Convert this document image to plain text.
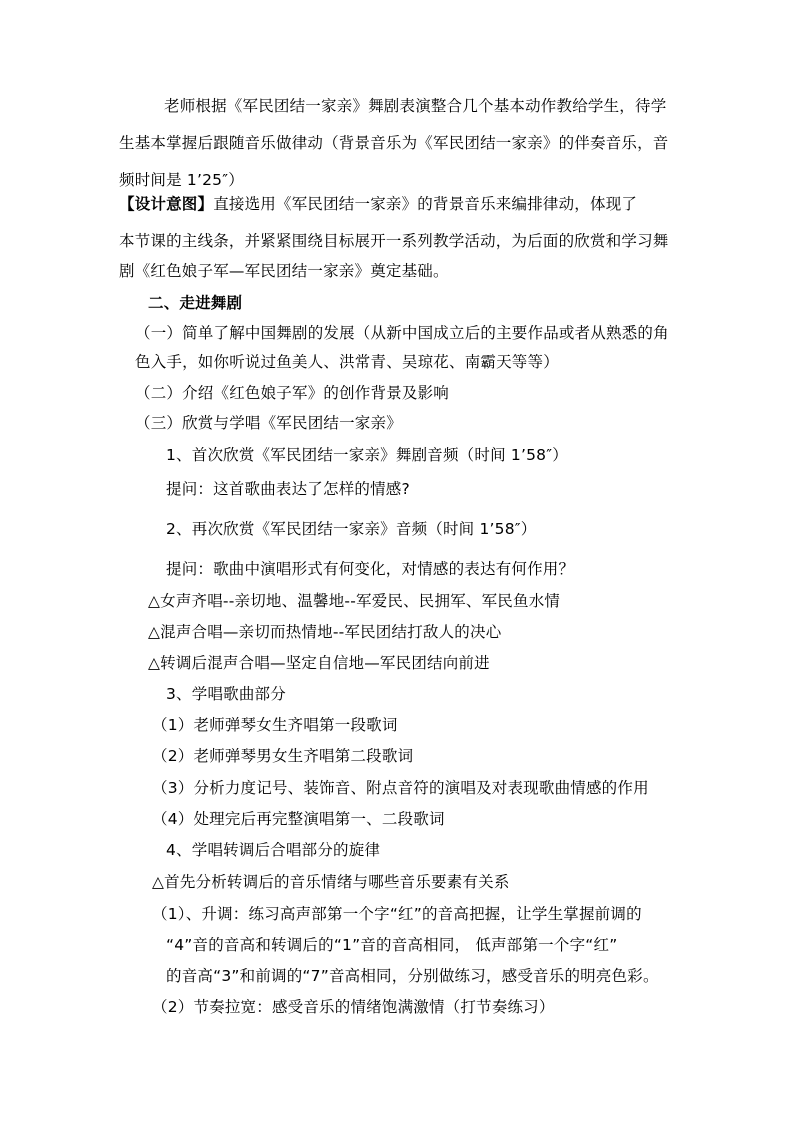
老师根据《军民团结一家亲》舞剧表演整合几个基本动作教给学生，待学
生基本掌握后跟随音乐做律动（背景音乐为《军民团结一家亲》的伴奏音乐，音
频时间是 1’25″）
【设计意图】直接选用《军民团结一家亲》的背景音乐来编排律动，体现了
本节课的主线条，并紧紧围绕目标展开一系列教学活动，为后面的欣赏和学习舞
剧《红色娘子军—军民团结一家亲》奠定基础。
二、走进舞剧
（一）简单了解中国舞剧的发展（从新中国成立后的主要作品或者从熟悉的角
色入手，如你听说过鱼美人、洪常青、吴琼花、南霸天等等）
（二）介绍《红色娘子军》的创作背景及影响
（三）欣赏与学唱《军民团结一家亲》
1、首次欣赏《军民团结一家亲》舞剧音频（时间 1’58″）
提问：这首歌曲表达了怎样的情感?
2、再次欣赏《军民团结一家亲》音频（时间 1’58″）
提问：歌曲中演唱形式有何变化，对情感的表达有何作用？
△女声齐唱--亲切地、温馨地--军爱民、民拥军、军民鱼水情
△混声合唱—亲切而热情地--军民团结打敌人的决心
△转调后混声合唱—坚定自信地—军民团结向前进
3、学唱歌曲部分
（1）老师弹琴女生齐唱第一段歌词
（2）老师弹琴男女生齐唱第二段歌词
（3）分析力度记号、装饰音、附点音符的演唱及对表现歌曲情感的作用
（4）处理完后再完整演唱第一、二段歌词
4、学唱转调后合唱部分的旋律
△首先分析转调后的音乐情绪与哪些音乐要素有关系
（1）、升调：练习高声部第一个字“红”的音高把握，让学生掌握前调的
“4”音的音高和转调后的“1”音的音高相同， 低声部第一个字“红”
的音高“3”和前调的“7”音高相同，分别做练习，感受音乐的明亮色彩。
（2）节奏拉宽：感受音乐的情绪饱满激情（打节奏练习）
